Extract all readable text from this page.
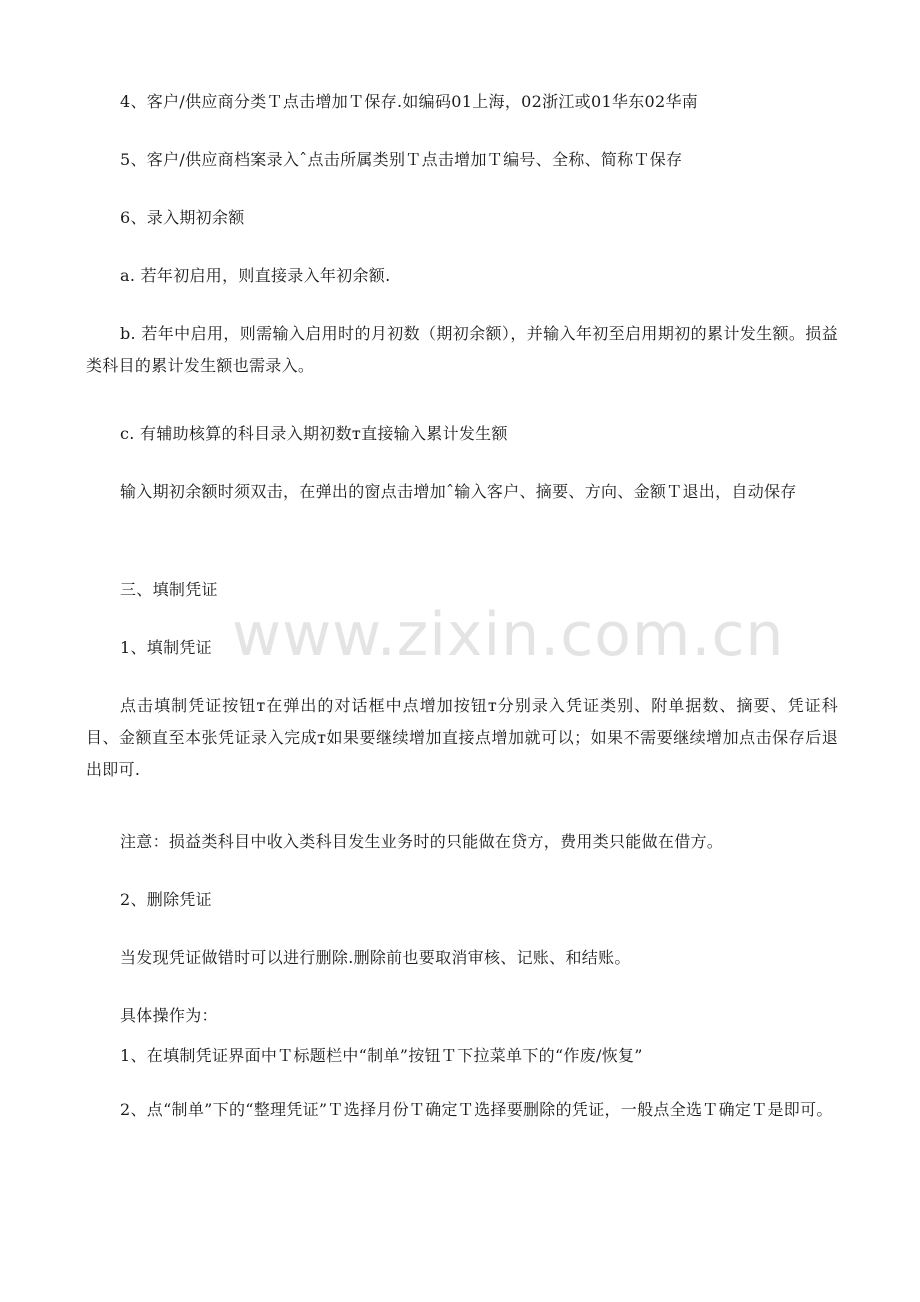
4、客户/供应商分类Ｔ点击增加Ｔ保存.如编码01上海，02浙江或01华东02华南
5、客户/供应商档案录入ˆ点击所属类别Ｔ点击增加Ｔ编号、全称、简称Ｔ保存
6、录入期初余额
a. 若年初启用，则直接录入年初余额.
b. 若年中启用，则需输入启用时的月初数（期初余额），并输入年初至启用期初的累计发生额。损益类科目的累计发生额也需录入。
c. 有辅助核算的科目录入期初数ᴛ直接输入累计发生额
输入期初余额时须双击，在弹出的窗点击增加ˆ输入客户、摘要、方向、金额Ｔ退出，自动保存
三、填制凭证
1、填制凭证
点击填制凭证按钮ᴛ在弹出的对话框中点增加按钮ᴛ分别录入凭证类别、附单据数、摘要、凭证科目、金额直至本张凭证录入完成ᴛ如果要继续增加直接点增加就可以；如果不需要继续增加点击保存后退出即可.
注意：损益类科目中收入类科目发生业务时的只能做在贷方，费用类只能做在借方。
2、删除凭证
当发现凭证做错时可以进行删除.删除前也要取消审核、记账、和结账。
具体操作为：
1、在填制凭证界面中Ｔ标题栏中“制单”按钮Ｔ下拉菜单下的“作废/恢复”
2、点“制单”下的“整理凭证”Ｔ选择月份Ｔ确定Ｔ选择要删除的凭证，一般点全选Ｔ确定Ｔ是即可。
www.zixin.com.cn
